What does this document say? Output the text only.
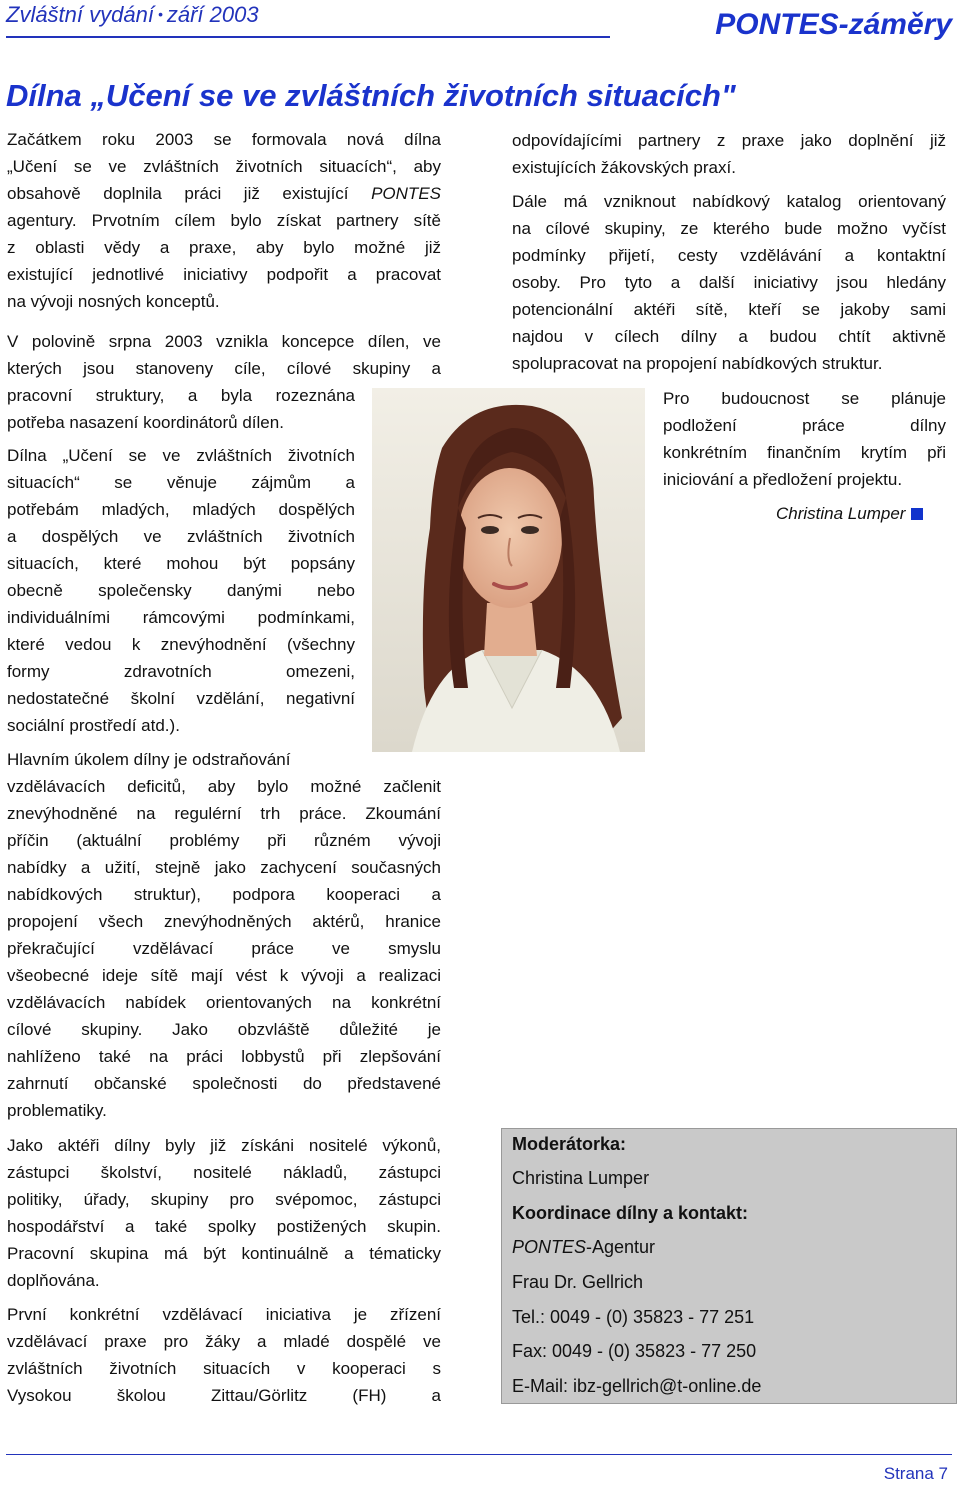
Zvláštní vydání • září 2003	PONTES-záměry
Dílna „Učení se ve zvláštních životních situacích"

Začátkem roku 2003 se formovala nová dílna
„Učení se ve zvláštních životních situacích“, aby
obsahově doplnila práci již existující PONTES
agentury. Prvotním cílem bylo získat partnery sítě
z oblasti vědy a praxe, aby bylo možné již
existující jednotlivé iniciativy podpořit a pracovat
na vývoji nosných konceptů.

V polovině srpna 2003 vznikla koncepce dílen, ve
kterých jsou stanoveny cíle, cílové skupiny a
pracovní struktury, a byla rozeznána
potřeba nasazení koordinátorů dílen.

Dílna „Učení se ve zvláštních životních
situacích“ se věnuje zájmům a
potřebám mladých, mladých dospělých
a dospělých ve zvláštních životních
situacích, které mohou být popsány
obecně společensky danými nebo
individuálními rámcovými podmínkami,
které vedou k znevýhodnění (všechny
formy zdravotních omezeni,
nedostatečné školní vzdělání, negativní
sociální prostředí atd.).

Hlavním úkolem dílny je odstraňování
vzdělávacích deficitů, aby bylo možné začlenit
znevýhodněné na regulérní trh práce. Zkoumání
příčin (aktuální problémy při různém vývoji
nabídky a užití, stejně jako zachycení současných
nabídkových struktur), podpora kooperaci a
propojení všech znevýhodněných aktérů, hranice
překračující vzdělávací práce ve smyslu
všeobecné ideje sítě mají vést k vývoji a realizaci
vzdělávacích nabídek orientovaných na konkrétní
cílové skupiny. Jako obzvláště důležité je
nahlíženo také na práci lobbystů při zlepšování
zahrnutí občanské společnosti do představené
problematiky.

Jako aktéři dílny byly již získáni nositelé výkonů,
zástupci školství, nositelé nákladů, zástupci
politiky, úřady, skupiny pro svépomoc, zástupci
hospodářství a také spolky postižených skupin.
Pracovní skupina má být kontinuálně a tématicky
doplňována.

První konkrétní vzdělávací iniciativa je zřízení
vzdělávací praxe pro žáky a mladé dospělé ve
zvláštních životních situacích v kooperaci s
Vysokou školou Zittau/Görlitz (FH) a

odpovídajícími partnery z praxe jako doplnění již
existujících žákovských praxí.

Dále má vzniknout nabídkový katalog orientovaný
na cílové skupiny, ze kterého bude možno vyčíst
podmínky přijetí, cesty vzdělávání a kontaktní
osoby. Pro tyto a další iniciativy jsou hledány
potencionální aktéři sítě, kteří se jakoby sami
najdou v cílech dílny a budou chtít aktivně
spolupracovat na propojení nabídkových struktur.

Pro budoucnost se plánuje
podložení práce dílny
konkrétním finančním krytím při
iniciování a předložení projektu.

Christina Lumper
Moderátorka:
Christina Lumper
Koordinace dílny a kontakt:
PONTES-Agentur
Frau Dr. Gellrich
Tel.: 0049 - (0) 35823 - 77 251
Fax: 0049 - (0) 35823 - 77 250
E-Mail: ibz-gellrich@t-online.de
Strana 7
